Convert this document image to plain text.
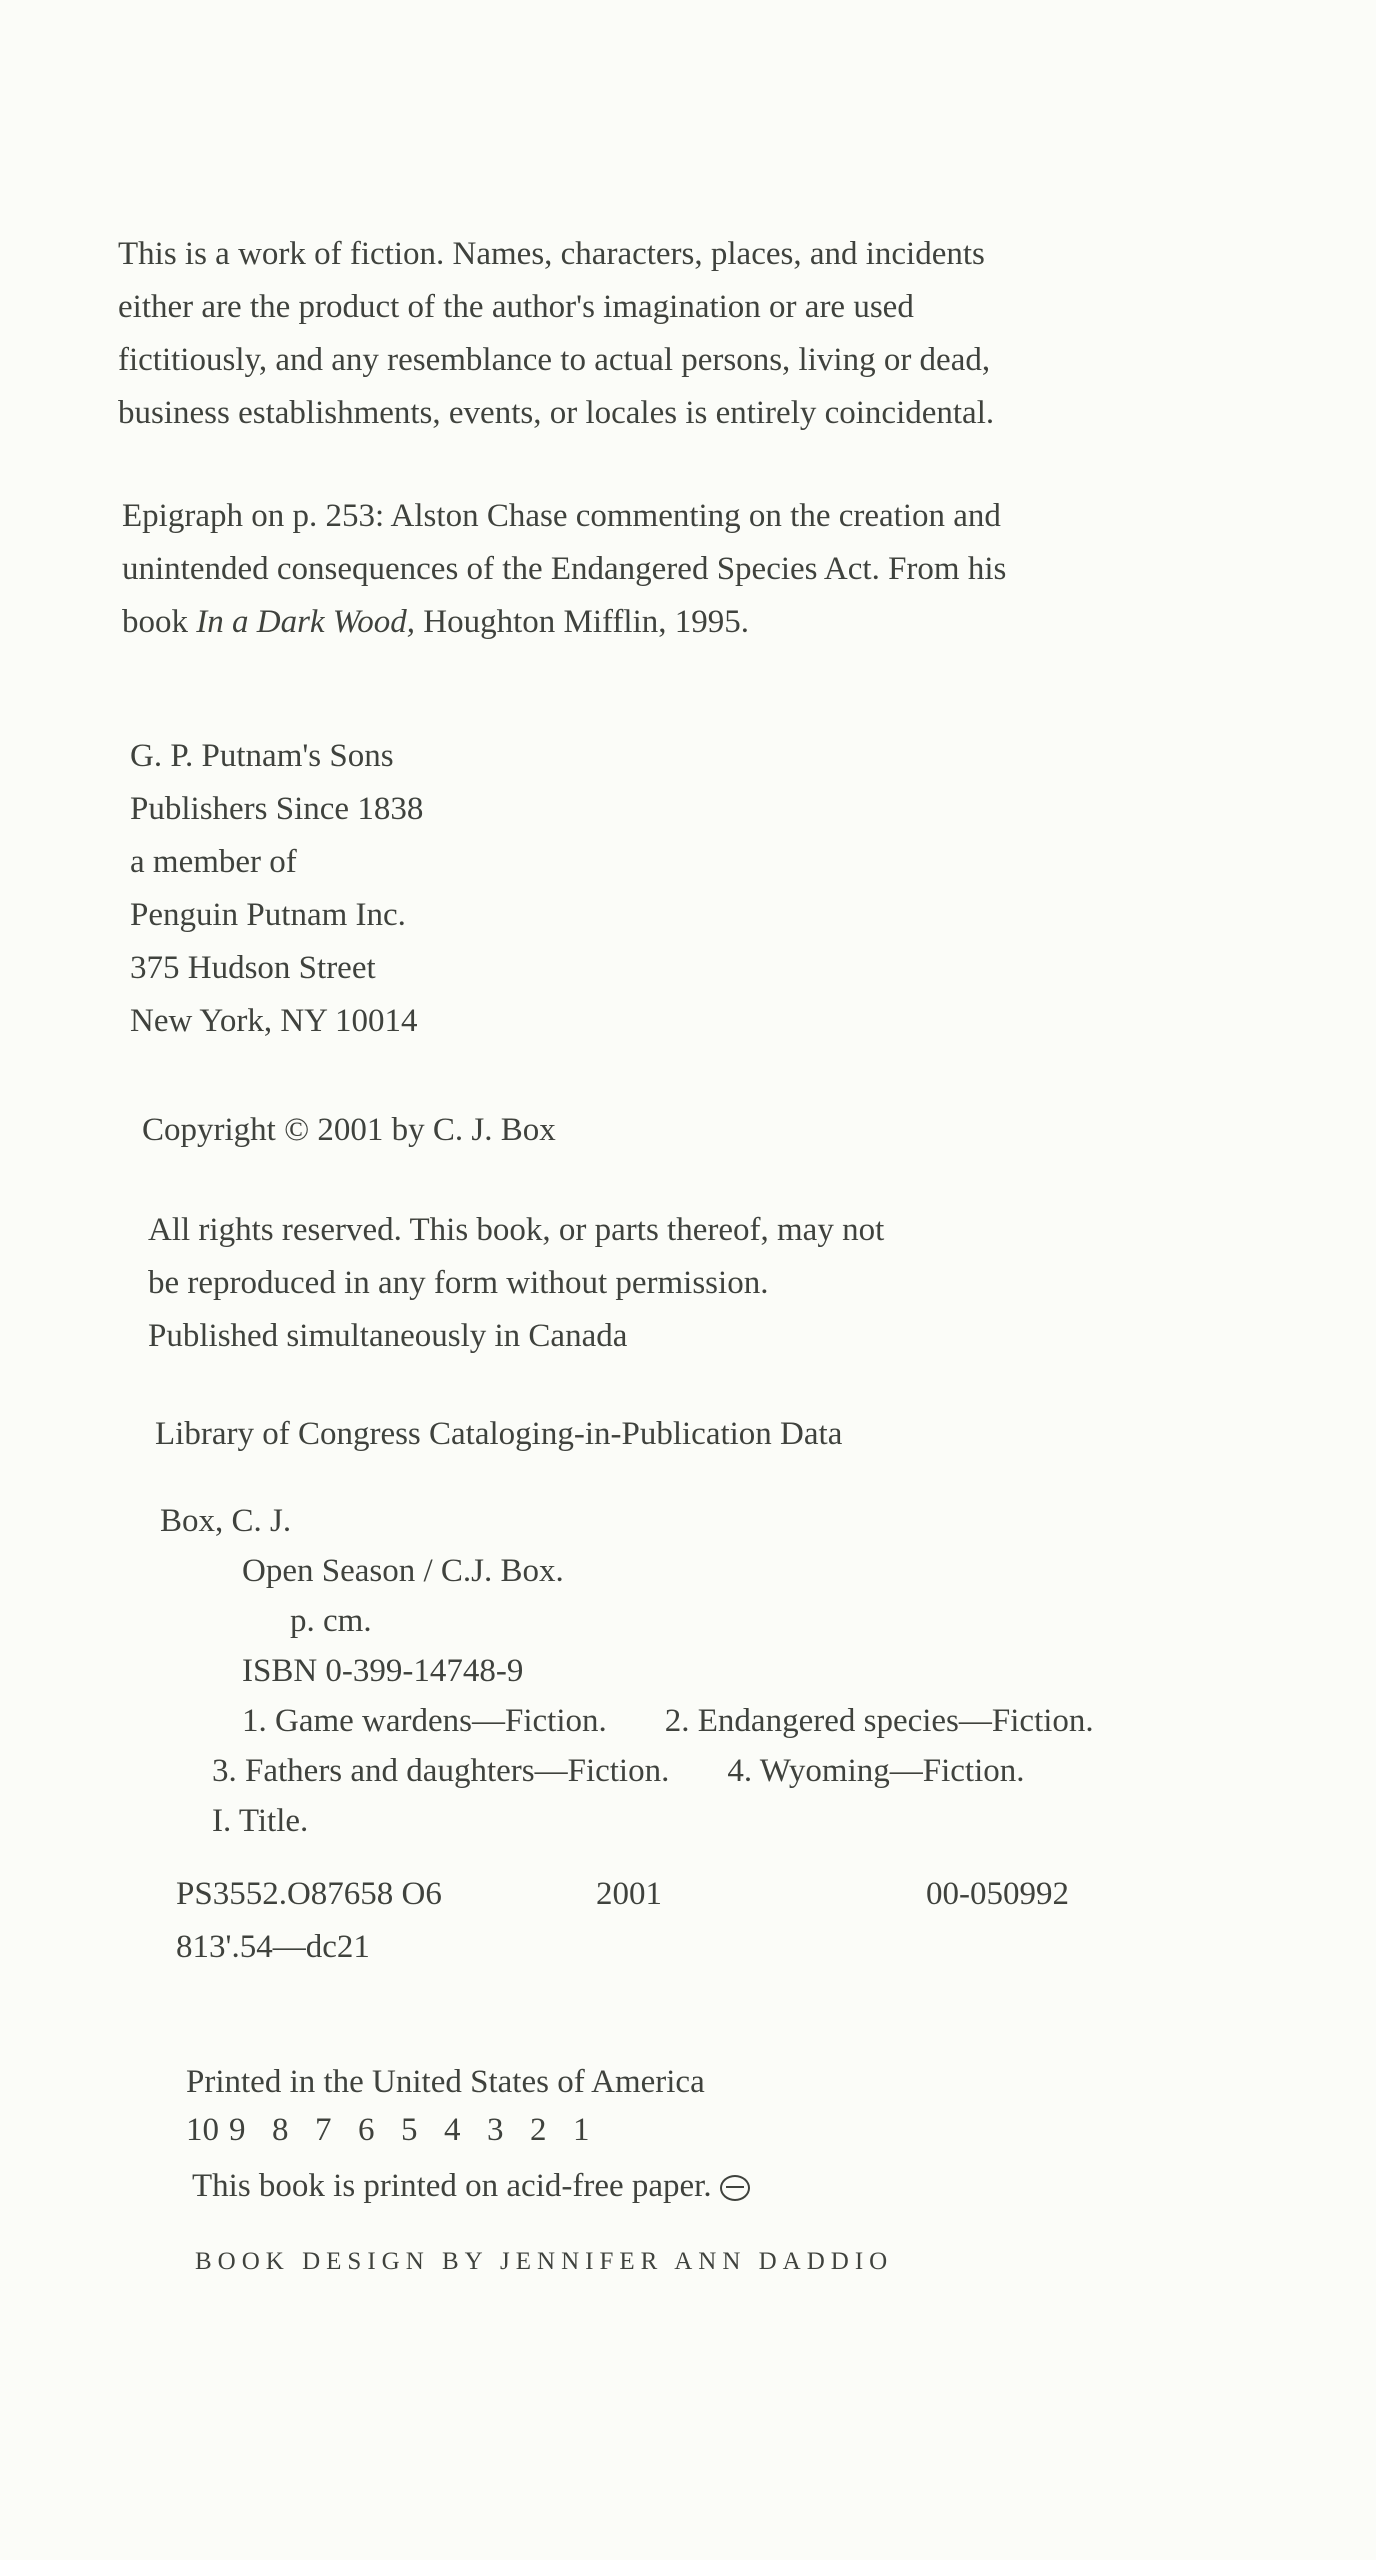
This is a work of fiction. Names, characters, places, and incidents
either are the product of the author's imagination or are used
fictitiously, and any resemblance to actual persons, living or dead,
business establishments, events, or locales is entirely coincidental.
Epigraph on p. 253: Alston Chase commenting on the creation and
unintended consequences of the Endangered Species Act. From his
book In a Dark Wood, Houghton Mifflin, 1995.
G. P. Putnam's Sons
Publishers Since 1838
a member of
Penguin Putnam Inc.
375 Hudson Street
New York, NY 10014
Copyright © 2001 by C. J. Box
All rights reserved. This book, or parts thereof, may not
be reproduced in any form without permission.
Published simultaneously in Canada
Library of Congress Cataloging-in-Publication Data
Box, C. J.
Open Season / C.J. Box.
p. cm.
ISBN 0-399-14748-9
1. Game wardens—Fiction. 2. Endangered species—Fiction.
3. Fathers and daughters—Fiction. 4. Wyoming—Fiction.
I. Title.
PS3552.O87658 O6	2001	00-050992
813'.54—dc21
Printed in the United States of America
10 9 8 7 6 5 4 3 2 1
This book is printed on acid-free paper.
BOOK DESIGN BY JENNIFER ANN DADDIO
